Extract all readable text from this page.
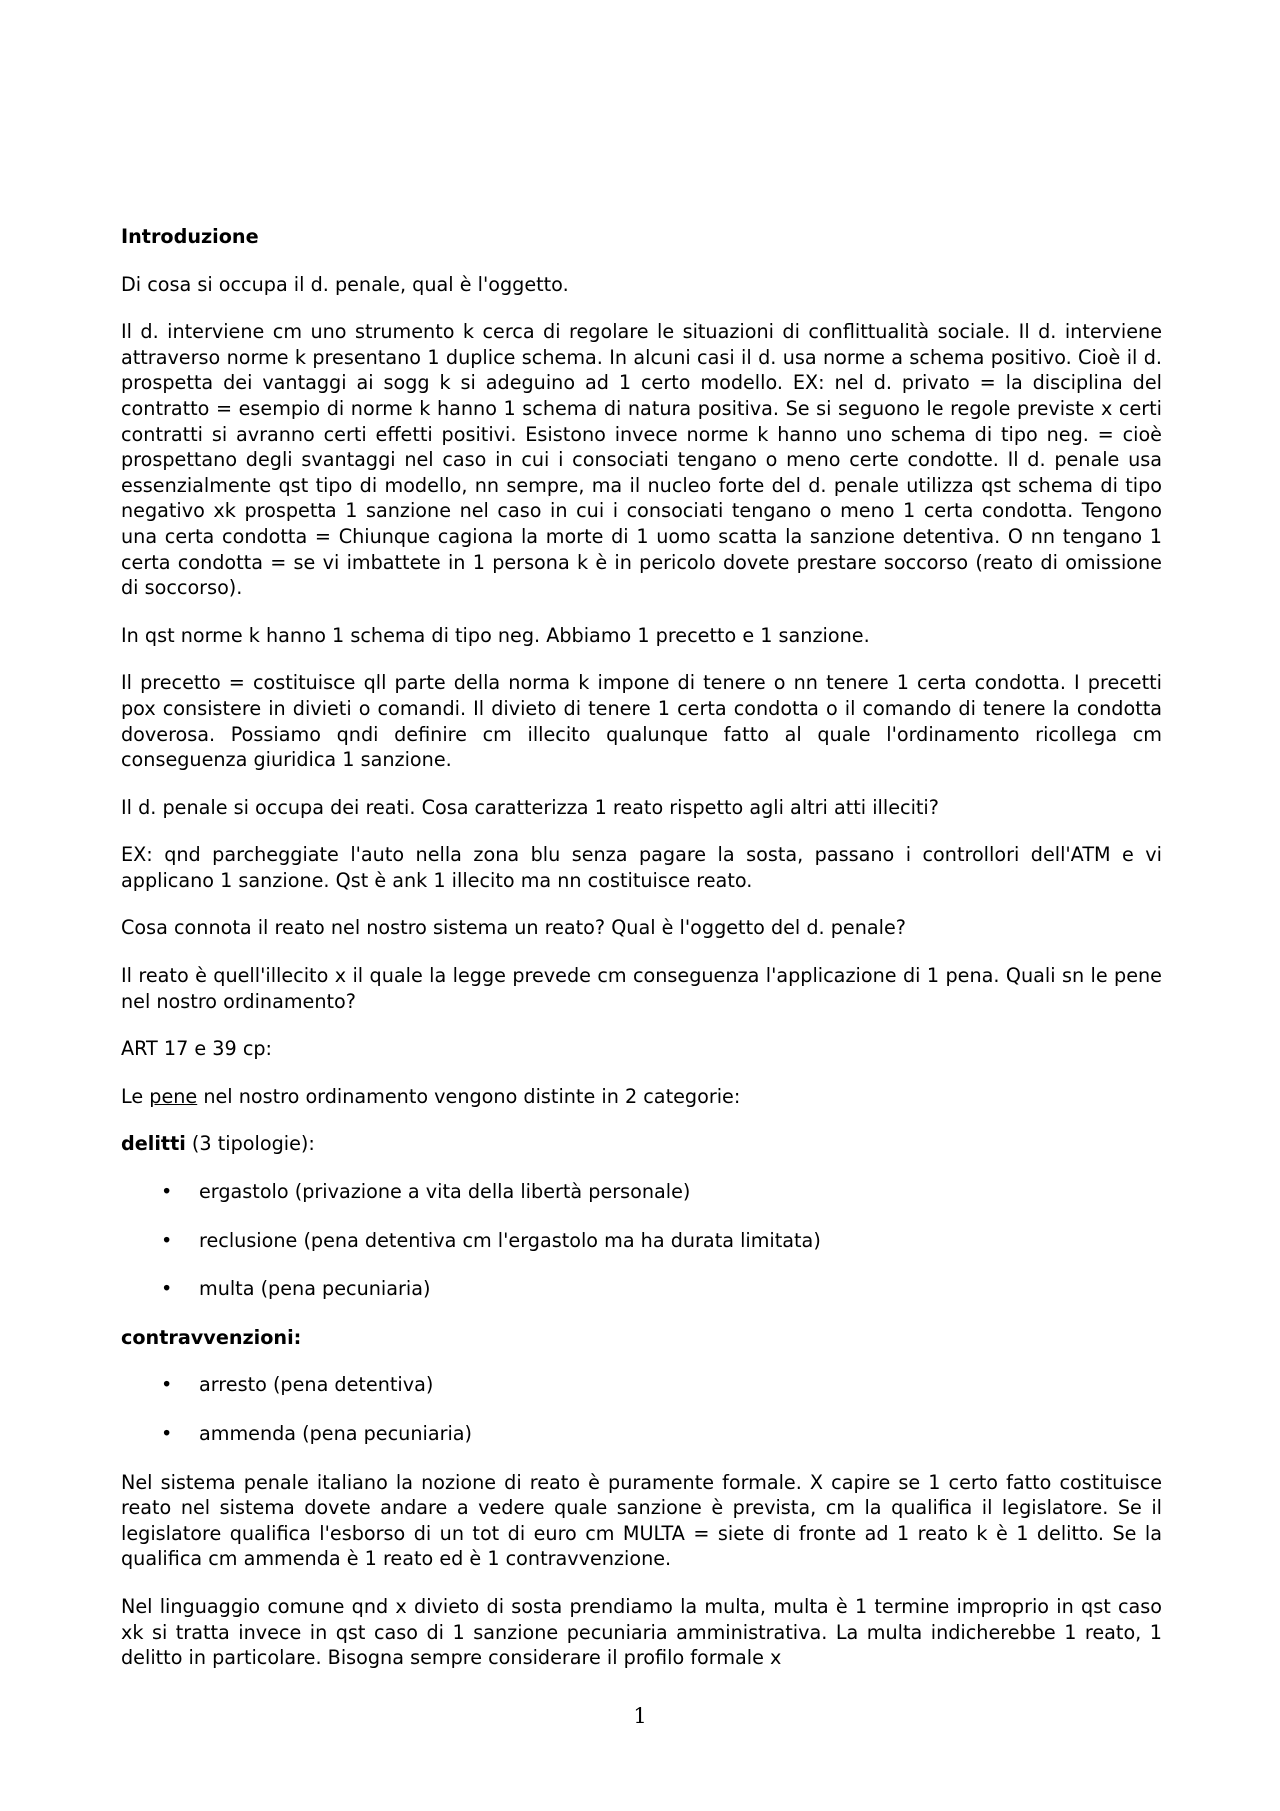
Introduzione

Di cosa si occupa il d. penale, qual è l'oggetto.

Il d. interviene cm uno strumento k cerca di regolare le situazioni di conflittualità sociale. Il d. interviene attraverso norme k presentano 1 duplice schema. In alcuni casi il d. usa norme a schema positivo. Cioè il d. prospetta dei vantaggi ai sogg k si adeguino ad 1 certo modello. EX: nel d. privato = la disciplina del contratto = esempio di norme k hanno 1 schema di natura positiva. Se si seguono le regole previste x certi contratti si avranno certi effetti positivi. Esistono invece norme k hanno uno schema di tipo neg. = cioè prospettano degli svantaggi nel caso in cui i consociati tengano o meno certe condotte. Il d. penale usa essenzialmente qst tipo di modello, nn sempre, ma il nucleo forte del d. penale utilizza qst schema di tipo negativo xk prospetta 1 sanzione nel caso in cui i consociati tengano o meno 1 certa condotta. Tengono una certa condotta = Chiunque cagiona la morte di 1 uomo scatta la sanzione detentiva. O nn tengano 1 certa condotta = se vi imbattete in 1 persona k è in pericolo dovete prestare soccorso (reato di omissione di soccorso).

In qst norme k hanno 1 schema di tipo neg. Abbiamo 1 precetto e 1 sanzione.

Il precetto = costituisce qll parte della norma k impone di tenere o nn tenere 1 certa condotta. I precetti pox consistere in divieti o comandi. Il divieto di tenere 1 certa condotta o il comando di tenere la condotta doverosa. Possiamo qndi definire cm illecito qualunque fatto al quale l'ordinamento ricollega cm conseguenza giuridica 1 sanzione.

Il d. penale si occupa dei reati. Cosa caratterizza 1 reato rispetto agli altri atti illeciti?

EX: qnd parcheggiate l'auto nella zona blu senza pagare la sosta, passano i controllori dell'ATM e vi applicano 1 sanzione. Qst è ank 1 illecito ma nn costituisce reato.

Cosa connota il reato nel nostro sistema un reato? Qual è l'oggetto del d. penale?

Il reato è quell'illecito x il quale la legge prevede cm conseguenza l'applicazione di 1 pena. Quali sn le pene nel nostro ordinamento?

ART 17 e 39 cp:

Le pene nel nostro ordinamento vengono distinte in 2 categorie:

delitti (3 tipologie):

• ergastolo (privazione a vita della libertà personale)
• reclusione (pena detentiva cm l'ergastolo ma ha durata limitata)
• multa (pena pecuniaria)

contravvenzioni:

• arresto (pena detentiva)
• ammenda (pena pecuniaria)

Nel sistema penale italiano la nozione di reato è puramente formale. X capire se 1 certo fatto costituisce reato nel sistema dovete andare a vedere quale sanzione è prevista, cm la qualifica il legislatore. Se il legislatore qualifica l'esborso di un tot di euro cm MULTA = siete di fronte ad 1 reato k è 1 delitto. Se la qualifica cm ammenda è 1 reato ed è 1 contravvenzione.

Nel linguaggio comune qnd x divieto di sosta prendiamo la multa, multa è 1 termine improprio in qst caso xk si tratta invece in qst caso di 1 sanzione pecuniaria amministrativa. La multa indicherebbe 1 reato, 1 delitto in particolare. Bisogna sempre considerare il profilo formale x

1
